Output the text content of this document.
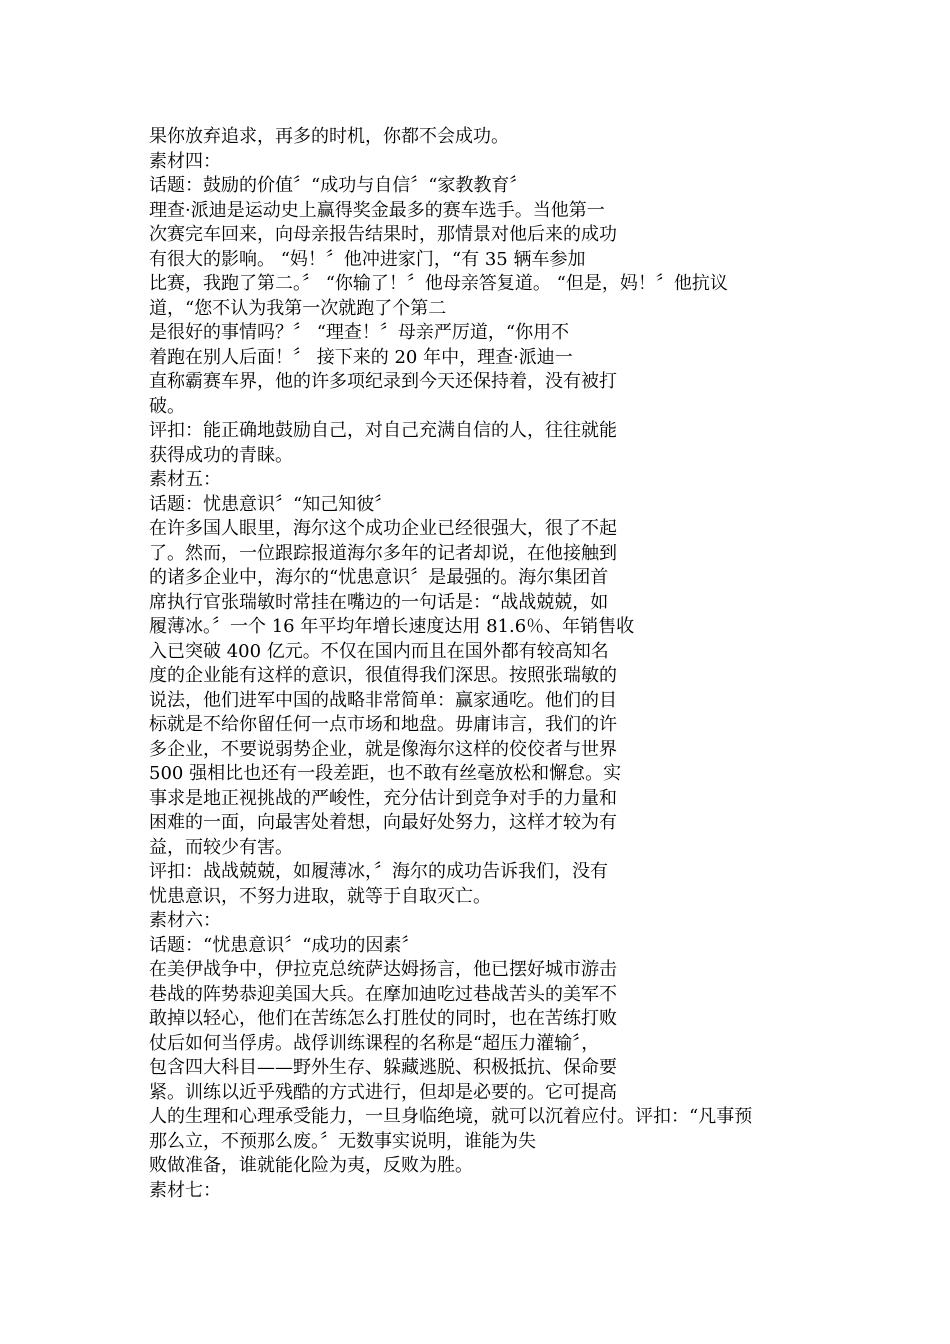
果你放弃追求，再多的时机，你都不会成功。
素材四：
话题：鼓励的价值〞“成功与自信〞“家教教育〞
理查·派迪是运动史上赢得奖金最多的赛车选手。当他第一
次赛完车回来，向母亲报告结果时，那情景对他后来的成功
有很大的影响。 “妈！〞他冲进家门，“有 35 辆车参加
比赛，我跑了第二。〞 “你输了！〞他母亲答复道。 “但是，妈！〞他抗议
道，“您不认为我第一次就跑了个第二
是很好的事情吗？〞 “理查！〞母亲严厉道，“你用不
着跑在别人后面！〞 接下来的 20 年中，理查·派迪一
直称霸赛车界，他的许多项纪录到今天还保持着，没有被打
破。
评扣：能正确地鼓励自己，对自己充满自信的人，往往就能
获得成功的青睐。
素材五：
话题：忧患意识〞“知己知彼〞
在许多国人眼里，海尔这个成功企业已经很强大，很了不起
了。然而，一位跟踪报道海尔多年的记者却说，在他接触到
的诸多企业中，海尔的“忧患意识〞是最强的。海尔集团首
席执行官张瑞敏时常挂在嘴边的一句话是：“战战兢兢，如
履薄冰。〞一个 16 年平均年增长速度达用 81.6％、年销售收
入已突破 400 亿元。不仅在国内而且在国外都有较高知名
度的企业能有这样的意识，很值得我们深思。按照张瑞敏的
说法，他们进军中国的战略非常简单：赢家通吃。他们的目
标就是不给你留任何一点市场和地盘。毋庸讳言，我们的许
多企业，不要说弱势企业，就是像海尔这样的佼佼者与世界
500 强相比也还有一段差距，也不敢有丝毫放松和懈怠。实
事求是地正视挑战的严峻性，充分估计到竞争对手的力量和
困难的一面，向最害处着想，向最好处努力，这样才较为有
益，而较少有害。
评扣：战战兢兢，如履薄冰，〞海尔的成功告诉我们，没有
忧患意识，不努力进取，就等于自取灭亡。
素材六：
话题：“忧患意识〞“成功的因素〞
在美伊战争中，伊拉克总统萨达姆扬言，他已摆好城市游击
巷战的阵势恭迎美国大兵。在摩加迪吃过巷战苦头的美军不
敢掉以轻心，他们在苦练怎么打胜仗的同时，也在苦练打败
仗后如何当俘虏。战俘训练课程的名称是“超压力灌输〞，
包含四大科目——野外生存、躲藏逃脱、积极抵抗、保命要
紧。训练以近乎残酷的方式进行，但却是必要的。它可提高
人的生理和心理承受能力，一旦身临绝境，就可以沉着应付。评扣：“凡事预
那么立，不预那么废。〞无数事实说明，谁能为失
败做准备，谁就能化险为夷，反败为胜。
素材七：
